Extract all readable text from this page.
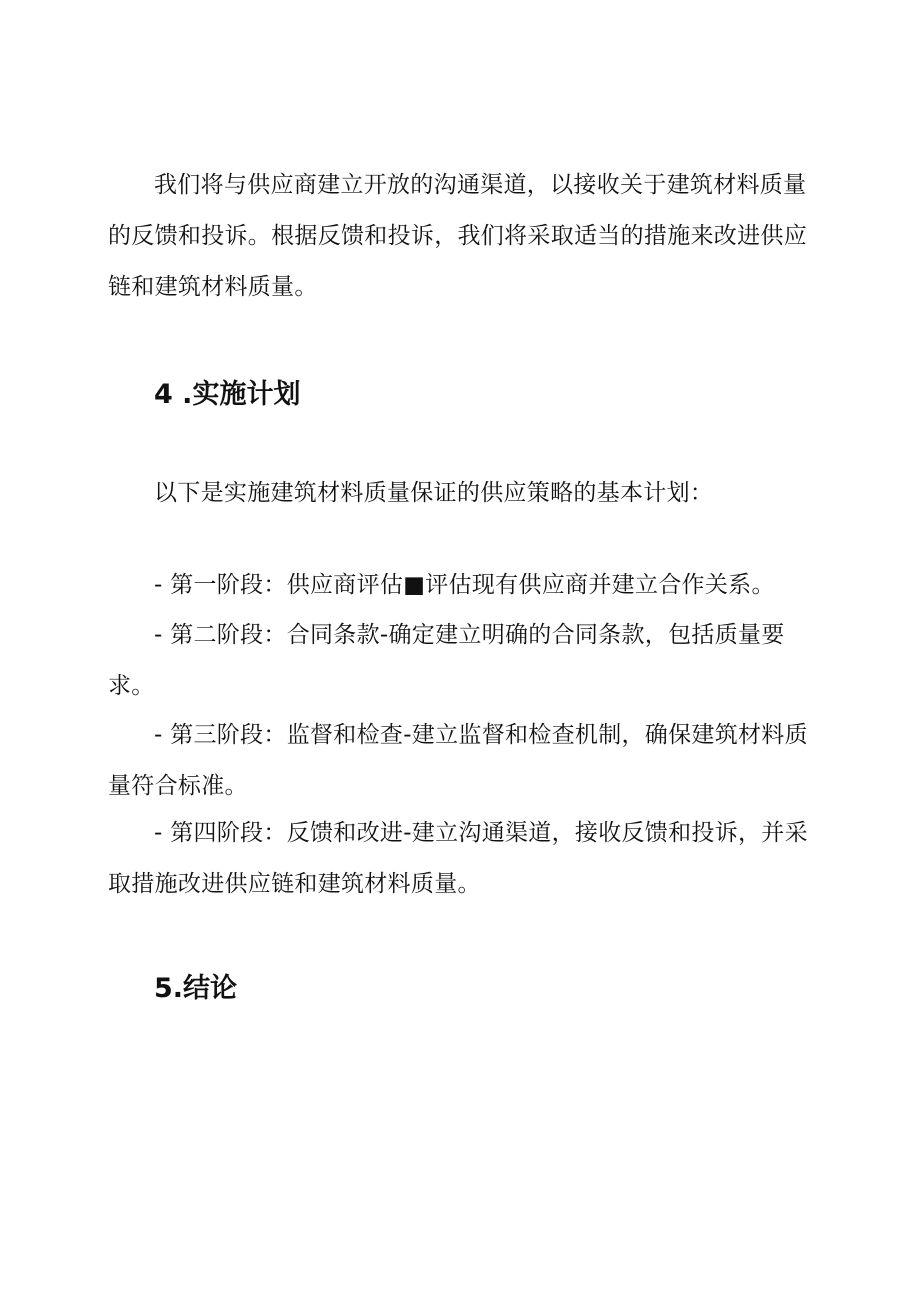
我们将与供应商建立开放的沟通渠道，以接收关于建筑材料质量的反馈和投诉。根据反馈和投诉，我们将采取适当的措施来改进供应链和建筑材料质量。

4 .实施计划

以下是实施建筑材料质量保证的供应策略的基本计划：

- 第一阶段：供应商评估■评估现有供应商并建立合作关系。

- 第二阶段：合同条款-确定建立明确的合同条款，包括质量要求。

- 第三阶段：监督和检查-建立监督和检查机制，确保建筑材料质量符合标准。

- 第四阶段：反馈和改进-建立沟通渠道，接收反馈和投诉，并采取措施改进供应链和建筑材料质量。

5.结论
